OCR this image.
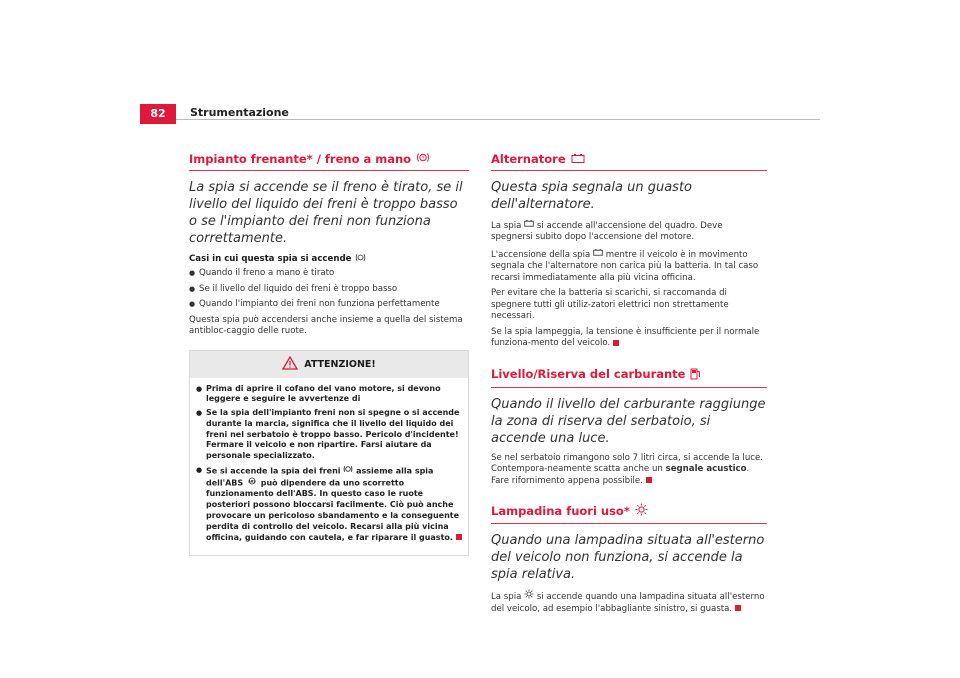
82	Strumentazione
Impianto frenante* / freno a mano !

La spia si accende se il freno è tirato, se il livello del liquido dei freni è troppo basso o se l'impianto dei freni non funziona correttamente.

Casi in cui questa spia si accende
● Quando il freno a mano è tirato
● Se il livello del liquido dei freni è troppo basso
● Quando l'impianto dei freni non funziona perfettamente

Questa spia può accendersi anche insieme a quella del sistema antibloc-caggio delle ruote.

ATTENZIONE!
● Prima di aprire il cofano del vano motore, si devono leggere e seguire le avvertenze di
● Se la spia dell'impianto freni non si spegne o si accende durante la marcia, significa che il livello del liquido dei freni nel serbatoio è troppo basso. Pericolo d'incidente! Fermare il veicolo e non ripartire. Farsi aiutare da personale specializzato.
● Se si accende la spia dei freni assieme alla spia dell'ABS ABS può dipendere da uno scorretto funzionamento dell'ABS. In questo caso le ruote posteriori possono bloccarsi facilmente. Ciò può anche provocare un pericoloso sbandamento e la conseguente perdita di controllo del veicolo. Recarsi alla più vicina officina, guidando con cautela, e far riparare il guasto.
Alternatore

Questa spia segnala un guasto dell'alternatore.

La spia si accende all'accensione del quadro. Deve spegnersi subito dopo l'accensione del motore.

L'accensione della spia mentre il veicolo è in movimento segnala che l'alternatore non carica più la batteria. In tal caso recarsi immediatamente alla più vicina officina.

Per evitare che la batteria si scarichi, si raccomanda di spegnere tutti gli utiliz-zatori elettrici non strettamente necessari.

Se la spia lampeggia, la tensione è insufficiente per il normale funziona-mento del veicolo.

Livello/Riserva del carburante

Quando il livello del carburante raggiunge la zona di riserva del serbatoio, si accende una luce.

Se nel serbatoio rimangono solo 7 litri circa, si accende la luce. Contempora-neamente scatta anche un segnale acustico. Fare rifornimento appena possibile.

Lampadina fuori uso*

Quando una lampadina situata all'esterno del veicolo non funziona, si accende la spia relativa.

La spia si accende quando una lampadina situata all'esterno del veicolo, ad esempio l'abbagliante sinistro, si guasta.
